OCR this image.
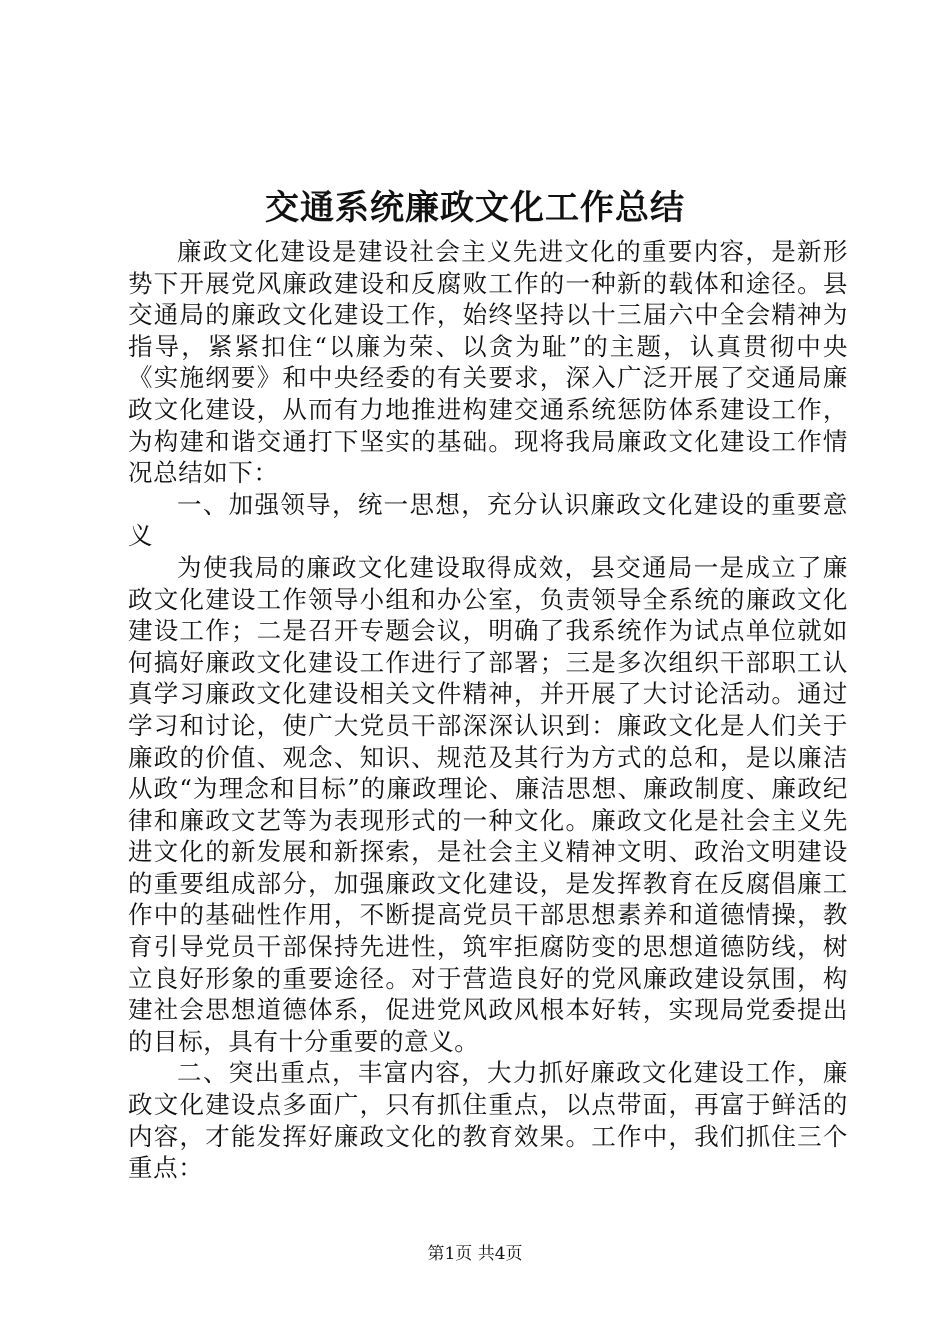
交通系统廉政文化工作总结

廉政文化建设是建设社会主义先进文化的重要内容，是新形势下开展党风廉政建设和反腐败工作的一种新的载体和途径。县交通局的廉政文化建设工作，始终坚持以十三届六中全会精神为指导，紧紧扣住“以廉为荣、以贪为耻”的主题，认真贯彻中央《实施纲要》和中央经委的有关要求，深入广泛开展了交通局廉政文化建设，从而有力地推进构建交通系统惩防体系建设工作，为构建和谐交通打下坚实的基础。现将我局廉政文化建设工作情况总结如下：

一、加强领导，统一思想，充分认识廉政文化建设的重要意义

为使我局的廉政文化建设取得成效，县交通局一是成立了廉政文化建设工作领导小组和办公室，负责领导全系统的廉政文化建设工作；二是召开专题会议，明确了我系统作为试点单位就如何搞好廉政文化建设工作进行了部署；三是多次组织干部职工认真学习廉政文化建设相关文件精神，并开展了大讨论活动。通过学习和讨论，使广大党员干部深深认识到：廉政文化是人们关于廉政的价值、观念、知识、规范及其行为方式的总和，是以廉洁从政“为理念和目标”的廉政理论、廉洁思想、廉政制度、廉政纪律和廉政文艺等为表现形式的一种文化。廉政文化是社会主义先进文化的新发展和新探索，是社会主义精神文明、政治文明建设的重要组成部分，加强廉政文化建设，是发挥教育在反腐倡廉工作中的基础性作用，不断提高党员干部思想素养和道德情操，教育引导党员干部保持先进性，筑牢拒腐防变的思想道德防线，树立良好形象的重要途径。对于营造良好的党风廉政建设氛围，构建社会思想道德体系，促进党风政风根本好转，实现局党委提出的目标，具有十分重要的意义。

二、突出重点，丰富内容，大力抓好廉政文化建设工作，廉政文化建设点多面广，只有抓住重点，以点带面，再富于鲜活的内容，才能发挥好廉政文化的教育效果。工作中，我们抓住三个重点：

第1页 共4页
